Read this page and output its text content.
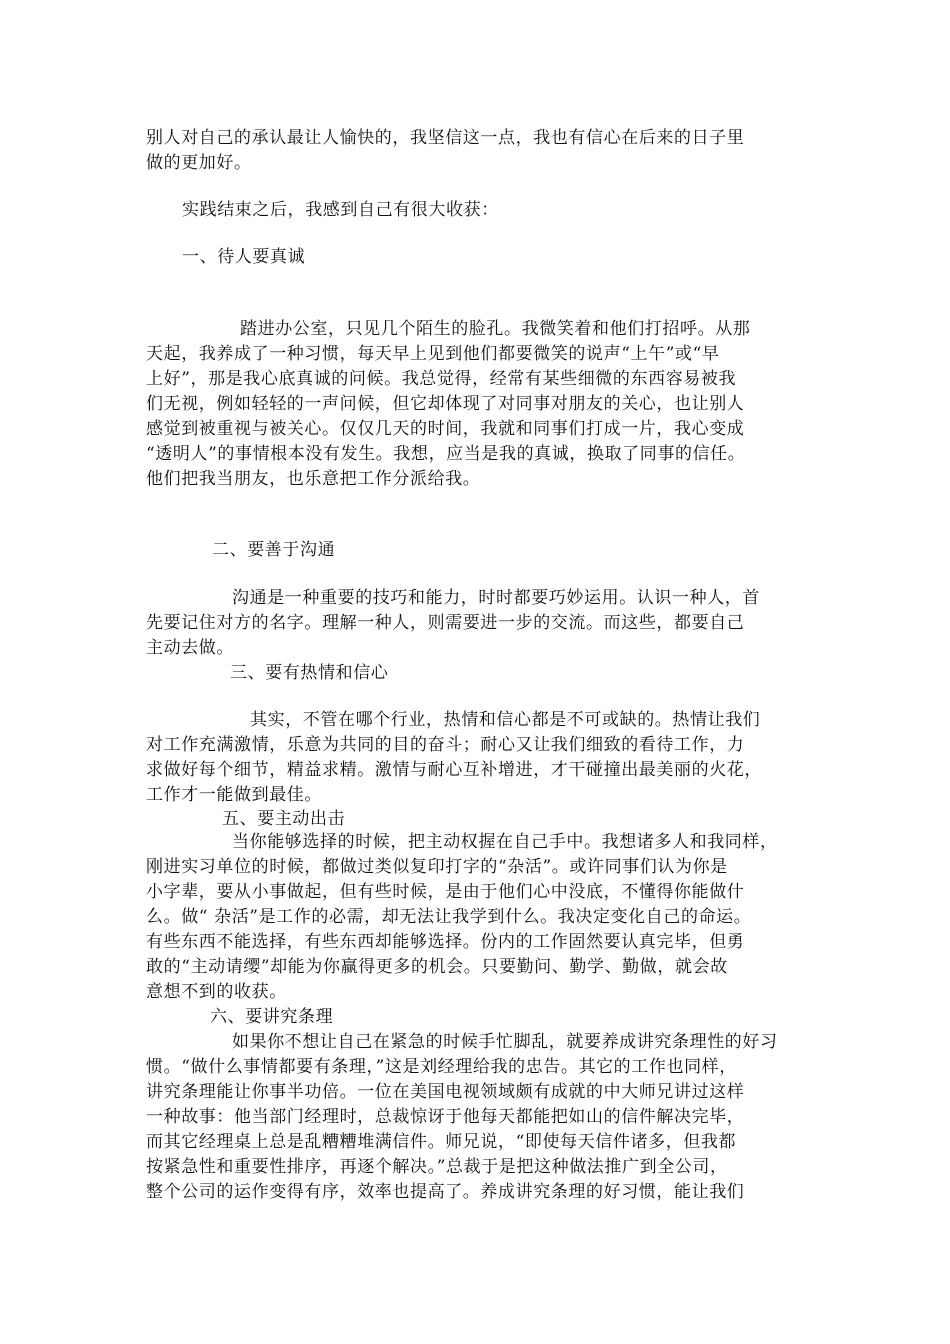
别人对自己的承认最让人愉快的，我坚信这一点，我也有信心在后来的日子里
做的更加好。
实践结束之后，我感到自己有很大收获：
一、待人要真诚
踏进办公室，只见几个陌生的脸孔。我微笑着和他们打招呼。从那
天起，我养成了一种习惯，每天早上见到他们都要微笑的说声“上午”或“早
上好”，那是我心底真诚的问候。我总觉得，经常有某些细微的东西容易被我
们无视，例如轻轻的一声问候，但它却体现了对同事对朋友的关心，也让别人
感觉到被重视与被关心。仅仅几天的时间，我就和同事们打成一片，我心变成
“透明人”的事情根本没有发生。我想，应当是我的真诚，换取了同事的信任。
他们把我当朋友，也乐意把工作分派给我。
二、要善于沟通
沟通是一种重要的技巧和能力，时时都要巧妙运用。认识一种人，首
先要记住对方的名字。理解一种人，则需要进一步的交流。而这些，都要自己
主动去做。
三、要有热情和信心
其实，不管在哪个行业，热情和信心都是不可或缺的。热情让我们
对工作充满激情，乐意为共同的目的奋斗；耐心又让我们细致的看待工作，力
求做好每个细节，精益求精。激情与耐心互补增进，才干碰撞出最美丽的火花，
工作才一能做到最佳。
五、要主动出击
当你能够选择的时候，把主动权握在自己手中。我想诸多人和我同样，
刚进实习单位的时候，都做过类似复印打字的“杂活”。或许同事们认为你是
小字辈，要从小事做起，但有些时候，是由于他们心中没底，不懂得你能做什
么。做“ 杂活”是工作的必需，却无法让我学到什么。我决定变化自己的命运。
有些东西不能选择，有些东西却能够选择。份内的工作固然要认真完毕，但勇
敢的“主动请缨”却能为你赢得更多的机会。只要勤问、勤学、勤做，就会故
意想不到的收获。
六、要讲究条理
如果你不想让自己在紧急的时候手忙脚乱，就要养成讲究条理性的好习
惯。“做什么事情都要有条理，”这是刘经理给我的忠告。其它的工作也同样，
讲究条理能让你事半功倍。一位在美国电视领域颇有成就的中大师兄讲过这样
一种故事：他当部门经理时，总裁惊讶于他每天都能把如山的信件解决完毕，
而其它经理桌上总是乱糟糟堆满信件。师兄说，“即使每天信件诸多，但我都
按紧急性和重要性排序，再逐个解决。”总裁于是把这种做法推广到全公司，
整个公司的运作变得有序，效率也提高了。养成讲究条理的好习惯，能让我们
